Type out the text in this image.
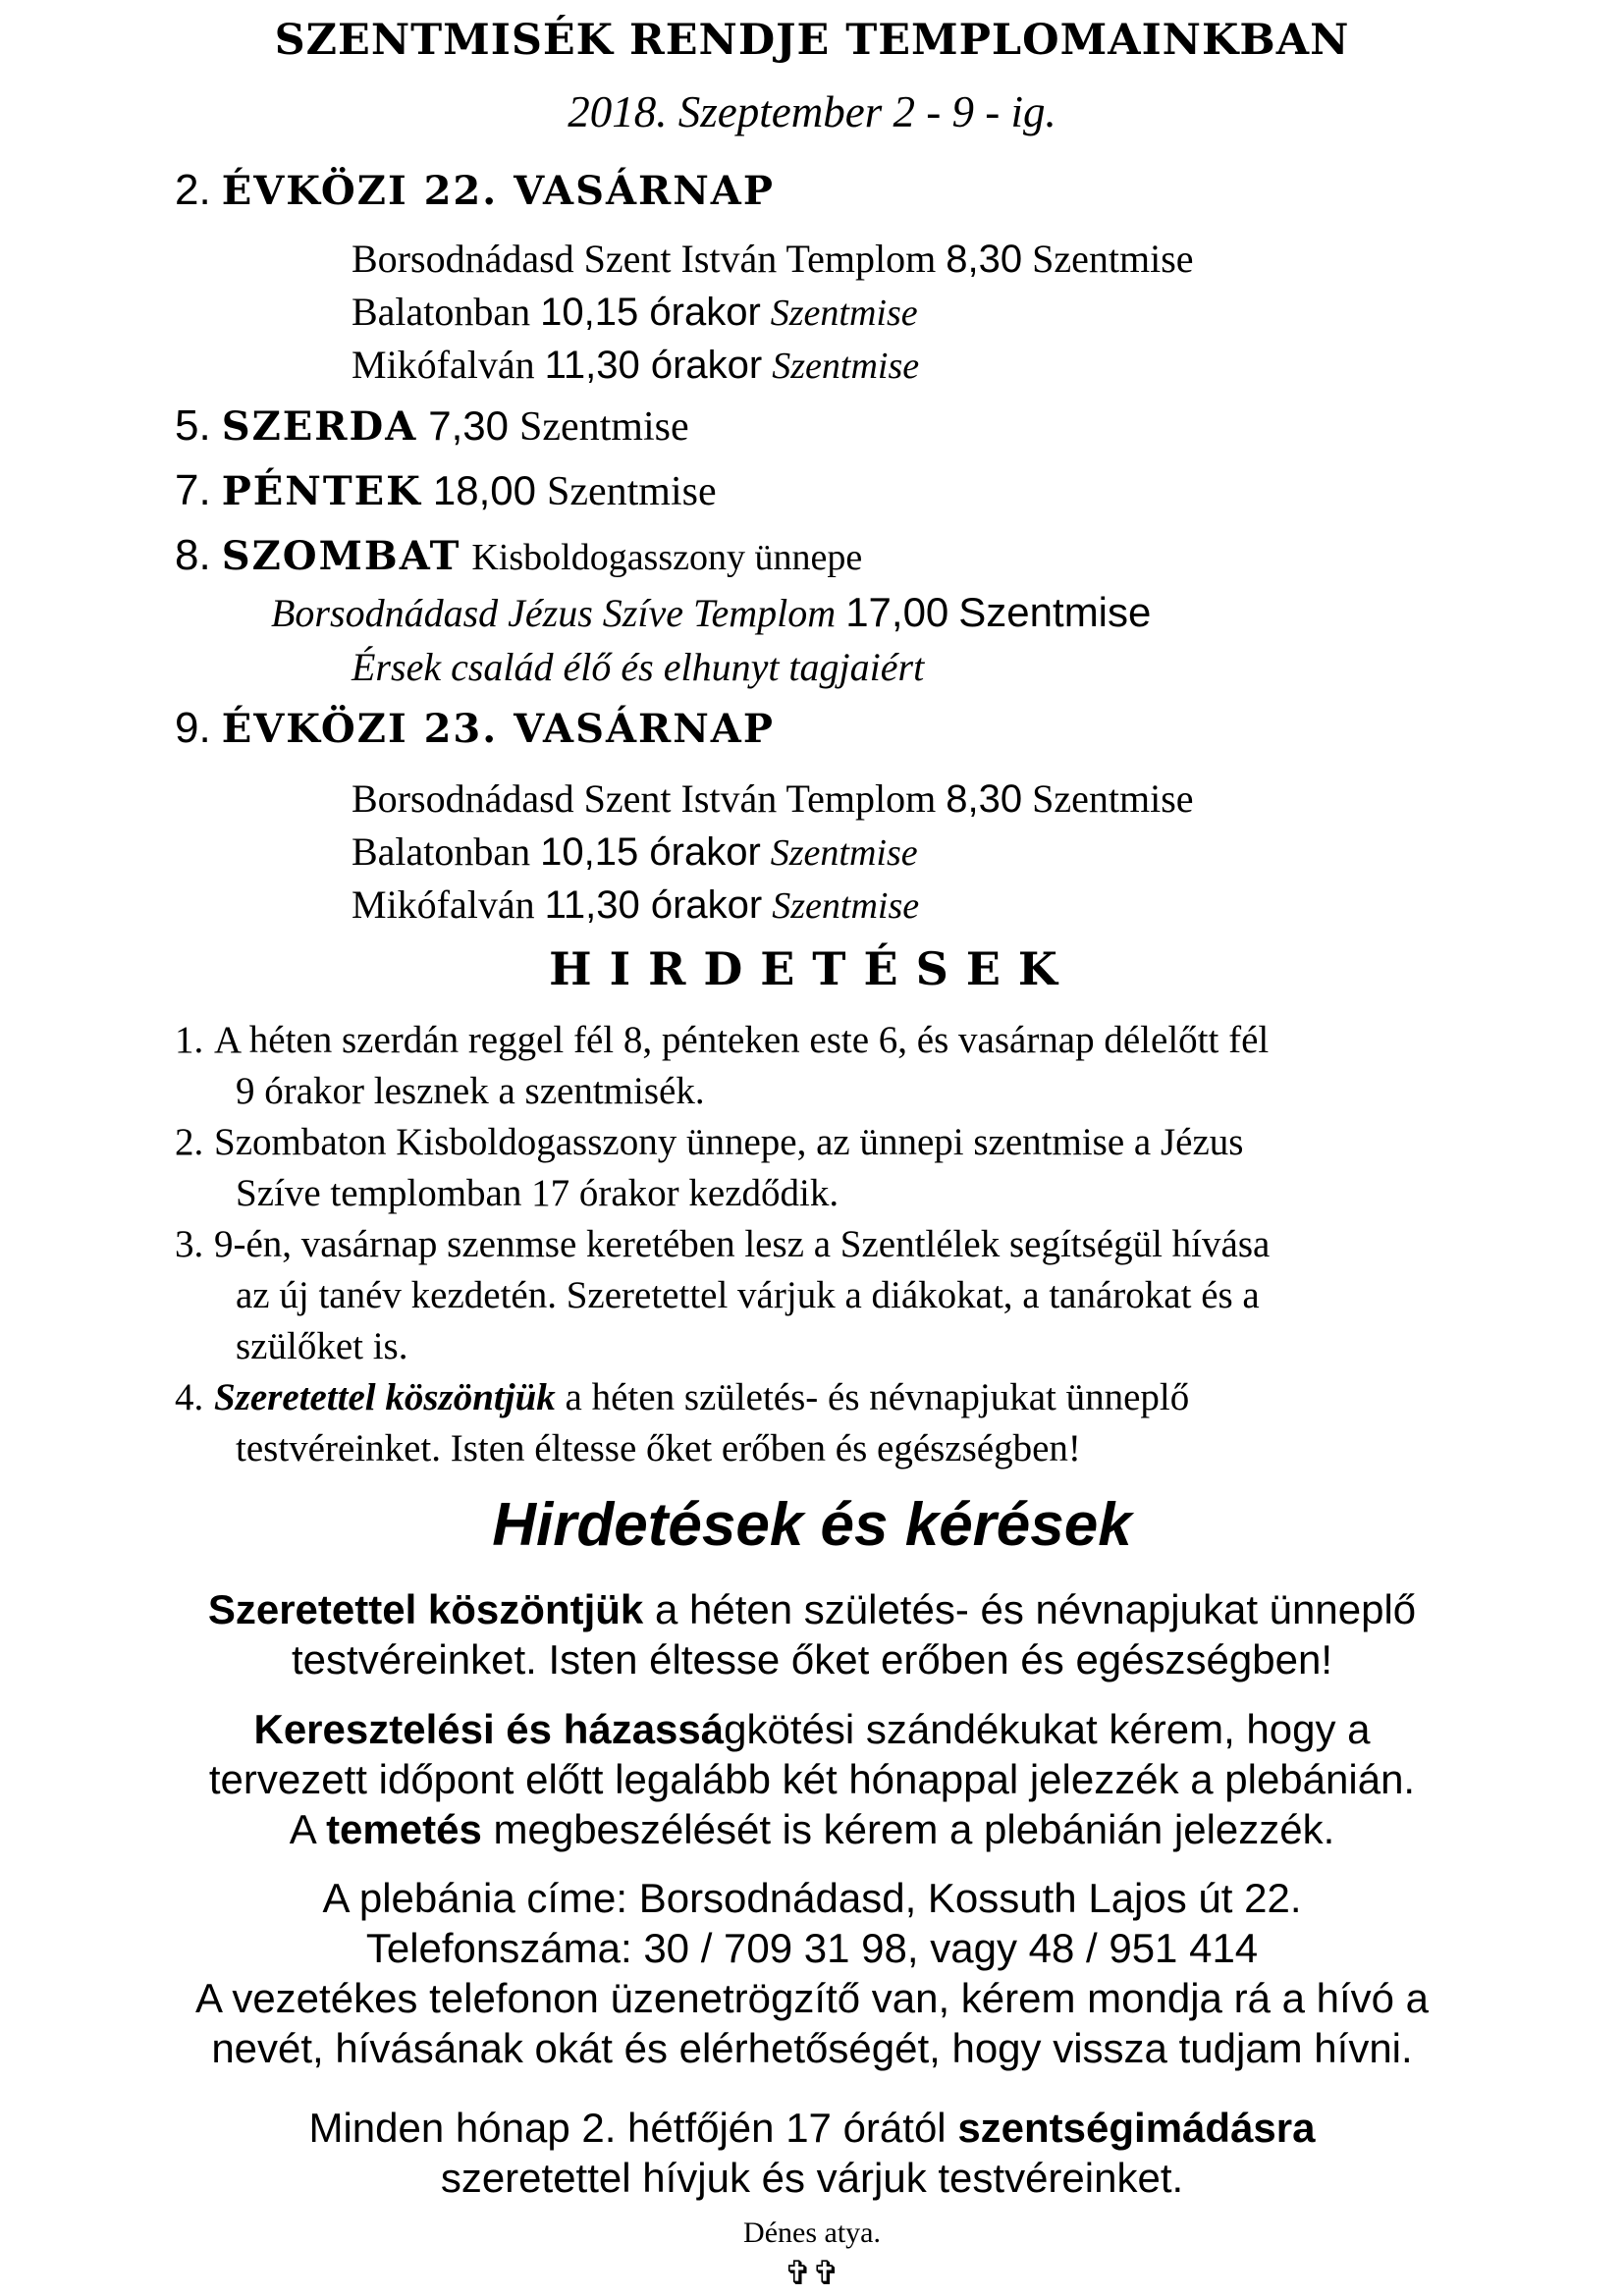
SZENTMISÉK RENDJE TEMPLOMAINKBAN
2018. Szeptember 2 - 9 - ig.
2. ÉVKÖZI 22. VASÁRNAP
Borsodnádasd Szent István Templom 8,30 Szentmise
Balatonban 10,15 órakor Szentmise
Mikófalván 11,30 órakor Szentmise
5. SZERDA 7,30 Szentmise
7. PÉNTEK 18,00 Szentmise
8. SZOMBAT Kisboldogasszony ünnepe
Borsodnádasd Jézus Szíve Templom 17,00 Szentmise
Érsek család élő és elhunyt tagjaiért
9. ÉVKÖZI 23. VASÁRNAP
Borsodnádasd Szent István Templom 8,30 Szentmise
Balatonban 10,15 órakor Szentmise
Mikófalván 11,30 órakor Szentmise
HIRDETÉSEK
1. A héten szerdán reggel fél 8, pénteken este 6, és vasárnap délelőtt fél
9 órakor lesznek a szentmisék.
2. Szombaton Kisboldogasszony ünnepe, az ünnepi szentmise a Jézus
Szíve templomban 17 órakor kezdődik.
3. 9-én, vasárnap szenmse keretében lesz a Szentlélek segítségül hívása
az új tanév kezdetén. Szeretettel várjuk a diákokat, a tanárokat és a
szülőket is.
4. Szeretettel köszöntjük a héten születés- és névnapjukat ünneplő
testvéreinket. Isten éltesse őket erőben és egészségben!
Hirdetések és kérések
Szeretettel köszöntjük a héten születés- és névnapjukat ünneplő
testvéreinket. Isten éltesse őket erőben és egészségben!
Keresztelési és házasságkötési szándékukat kérem, hogy a
tervezett időpont előtt legalább két hónappal jelezzék a plebánián.
A temetés megbeszélését is kérem a plebánián jelezzék.
A plebánia címe: Borsodnádasd, Kossuth Lajos út 22.
Telefonszáma: 30 / 709 31 98, vagy 48 / 951 414
A vezetékes telefonon üzenetrögzítő van, kérem mondja rá a hívó a
nevét, hívásának okát és elérhetőségét, hogy vissza tudjam hívni.
Minden hónap 2. hétfőjén 17 órától szentségimádásra
szeretettel hívjuk és várjuk testvéreinket.
Dénes atya.
✞✞
